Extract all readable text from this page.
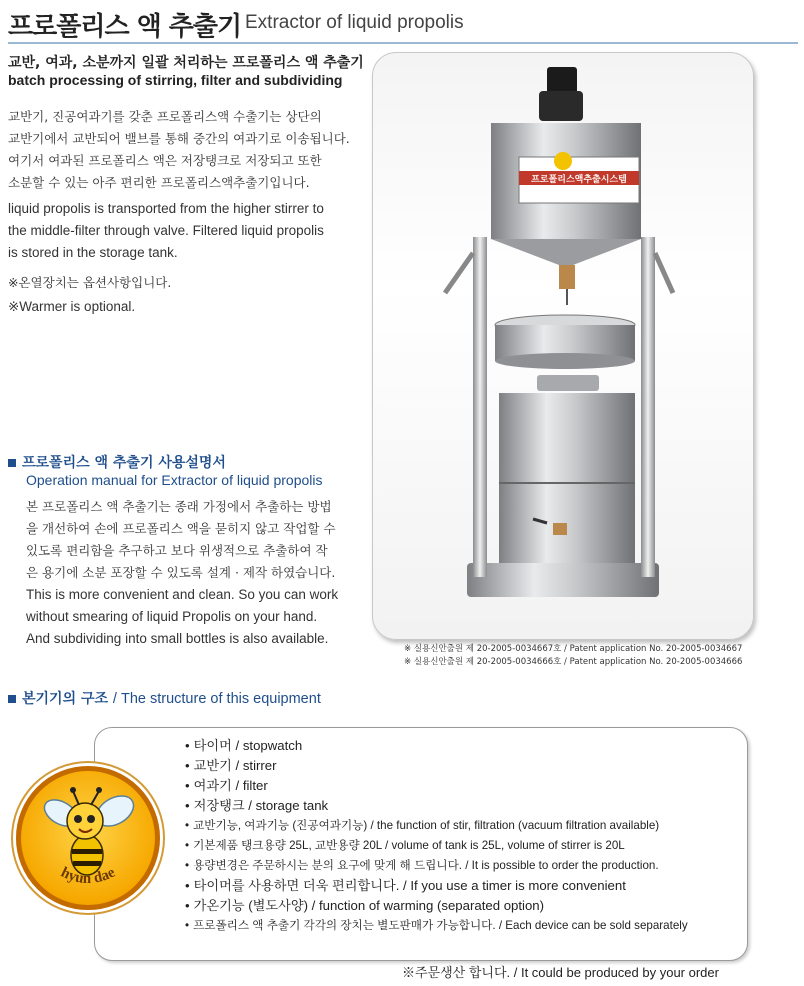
프로폴리스 액 추출기 Extractor of liquid propolis
교반, 여과, 소분까지 일괄 처리하는 프로폴리스 액 추출기
batch processing of stirring, filter and subdividing
교반기, 진공여과기를 갖춘 프로폴리스액 수출기는 상단의
교반기에서 교반되어 밸브를 통해 중간의 여과기로 이송됩니다.
여기서 여과된 프로폴리스 액은 저장탱크로 저장되고 또한
소분할 수 있는 아주 편리한 프로폴리스액추출기입니다.
liquid propolis is transported from the higher stirrer to
the middle-filter through valve. Filtered liquid propolis
is stored in the storage tank.
※온열장치는 옵션사항입니다.
※Warmer is optional.
프로폴리스액추출시스템
※ 실용신안출원 제 20-2005-0034667호 / Patent application No. 20-2005-0034667
※ 실용신안출원 제 20-2005-0034666호 / Patent application No. 20-2005-0034666
프로폴리스 액 추출기 사용설명서
Operation manual for Extractor of liquid propolis
본 프로폴리스 액 추출기는 종래 가정에서 추출하는 방법
을 개선하여 손에 프로폴리스 액을 묻히지 않고 작업할 수
있도록 편리함을 추구하고 보다 위생적으로 추출하여 작
은 용기에 소분 포장할 수 있도록 설계 · 제작 하였습니다.
This is more convenient and clean. So you can work
without smearing of liquid Propolis on your hand.
And subdividing into small bottles is also available.
본기기의 구조 / The structure of this equipment
• 타이머 / stopwatch
• 교반기 / stirrer
• 여과기 / filter
• 저장탱크 / storage tank
• 교반기능, 여과기능 (진공여과기능) / the function of stir, filtration (vacuum filtration available)
• 기본제품 탱크용량 25L, 교반용량 20L / volume of tank is 25L, volume of stirrer is 20L
• 용량변경은 주문하시는 분의 요구에 맞게 해 드립니다. / It is possible to order the production.
• 타이머를 사용하면 더욱 편리합니다. / If you use a timer is more convenient
• 가온기능 (별도사양) / function of warming (separated option)
• 프로폴리스 액 추출기 각각의 장치는 별도판매가 가능합니다. / Each device can be sold separately
hyun dae
※주문생산 합니다. / It could be produced by your order
